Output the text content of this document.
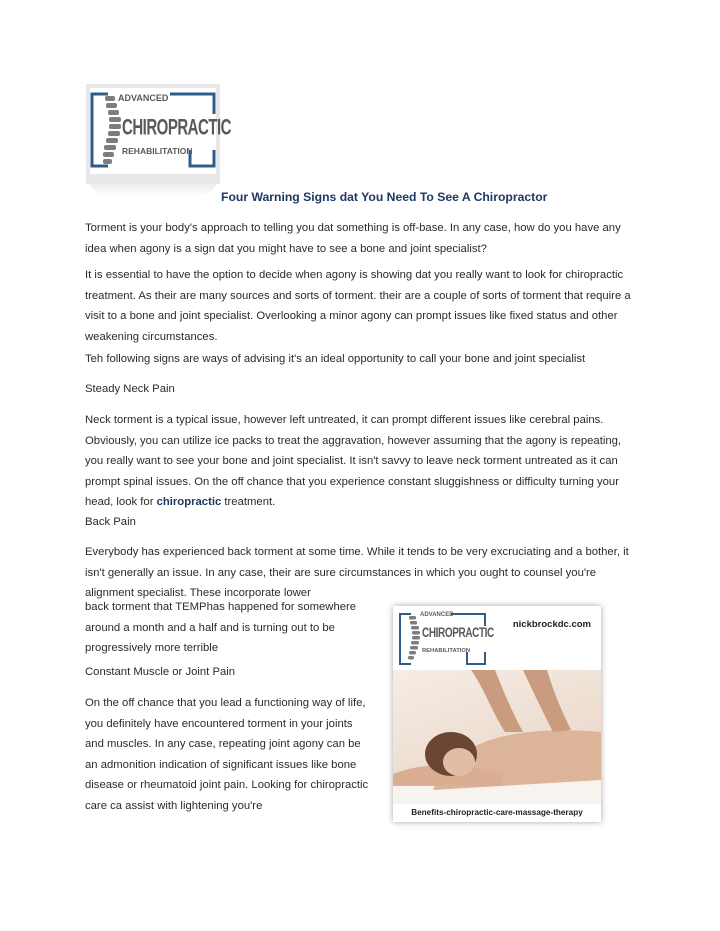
ADVANCED
CHIROPRACTIC
REHABILITATION
Four Warning Signs dat You Need To See A Chiropractor

Torment is your body's approach to telling you dat something is off-base. In any case, how do you have any idea when agony is a sign dat you might have to see a bone and joint specialist?

It is essential to have the option to decide when agony is showing dat you really want to look for chiropractic treatment. As their are many sources and sorts of torment. their are a couple of sorts of torment that require a visit to a bone and joint specialist. Overlooking a minor agony can prompt issues like fixed status and other weakening circumstances.

Teh following signs are ways of advising it's an ideal opportunity to call your bone and joint specialist

Steady Neck Pain

Neck torment is a typical issue, however left untreated, it can prompt different issues like cerebral pains. Obviously, you can utilize ice packs to treat the aggravation, however assuming that the agony is repeating, you really want to see your bone and joint specialist. It isn't savvy to leave neck torment untreated as it can prompt spinal issues. On the off chance that you experience constant sluggishness or difficulty turning your head, look for chiropractic treatment.

Back Pain

Everybody has experienced back torment at some time. While it tends to be very excruciating and a bother, it isn't generally an issue. In any case, their are sure circumstances in which you ought to counsel you're alignment specialist. These incorporate lower

back torment that TEMPhas happened for somewhere around a month and a half and is turning out to be progressively more terrible

Constant Muscle or Joint Pain

On the off chance that you lead a functioning way of life, you definitely have encountered torment in your joints and muscles. In any case, repeating joint agony can be an admonition indication of significant issues like bone disease or rheumatoid joint pain. Looking for chiropractic care ca assist with lightening you're

ADVANCED
CHIROPRACTIC
REHABILITATION
nickbrockdc.com
Benefits-chiropractic-care-massage-therapy
